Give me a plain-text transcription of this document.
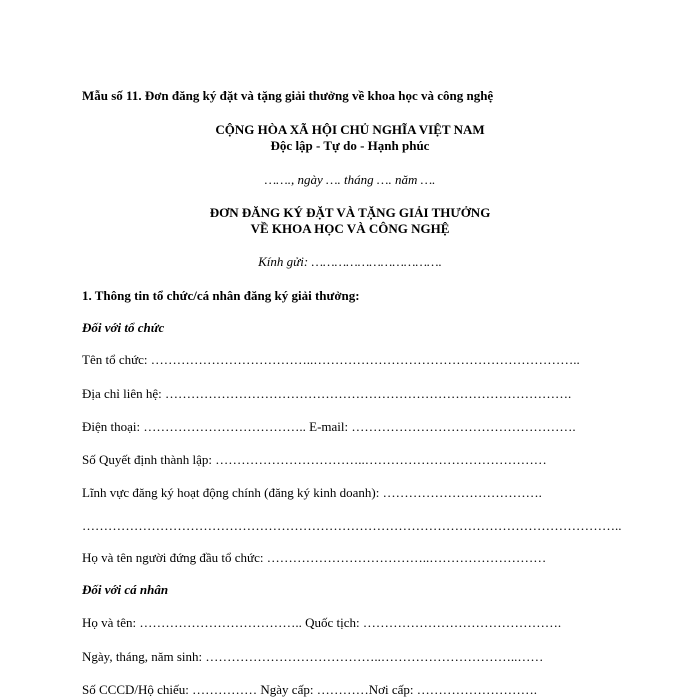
Mẫu số 11. Đơn đăng ký đặt và tặng giải thưởng về khoa học và công nghệ
CỘNG HÒA XÃ HỘI CHỦ NGHĨA VIỆT NAM
Độc lập - Tự do - Hạnh phúc
……., ngày …. tháng …. năm ….
ĐƠN ĐĂNG KÝ ĐẶT VÀ TẶNG GIẢI THƯỞNG
VỀ KHOA HỌC VÀ CÔNG NGHỆ
Kính gửi: …………………………….
1. Thông tin tổ chức/cá nhân đăng ký giải thưởng:
Đối với tổ chức
Tên tổ chức: ………………………………..……………………………………………………..
Địa chỉ liên hệ: ………………………………………………………………………………….
Điện thoại: ……………………………….. E-mail: …………………………………………….
Số Quyết định thành lập: ……………………………..……………………………………
Lĩnh vực đăng ký hoạt động chính (đăng ký kinh doanh): ……………………………….
……………………………………………………………………………………………………………..
Họ và tên người đứng đầu tổ chức: ………………………………..………………………
Đối với cá nhân
Họ và tên: ……………………………….. Quốc tịch: ……………………………………….
Ngày, tháng, năm sinh: …………………………………..…………………………..……
Số CCCD/Hộ chiếu: …………… Ngày cấp: …………Nơi cấp: ……………………….
